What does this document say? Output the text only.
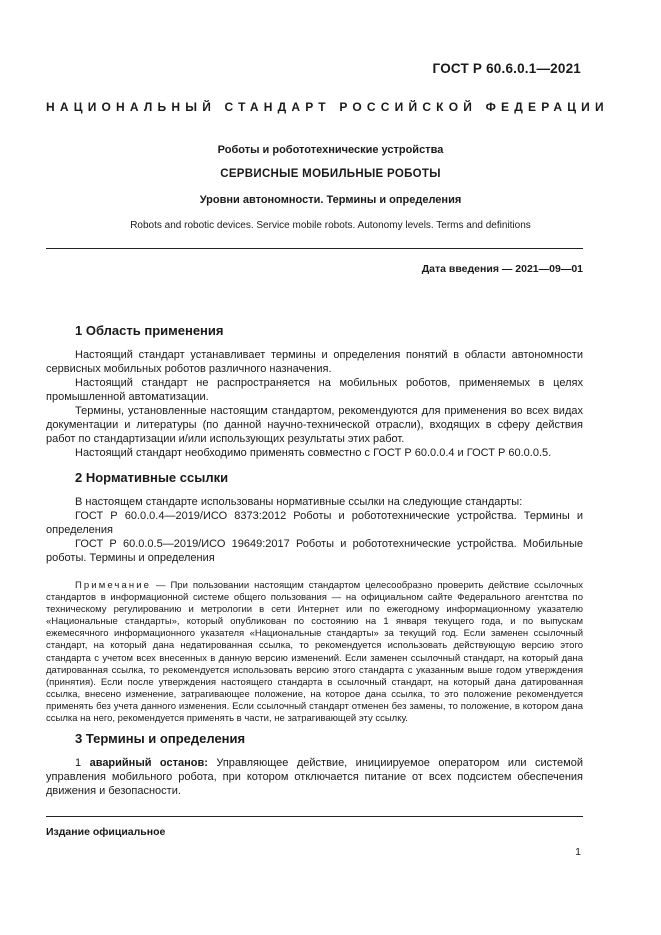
ГОСТ Р 60.6.0.1—2021
НАЦИОНАЛЬНЫЙ СТАНДАРТ РОССИЙСКОЙ ФЕДЕРАЦИИ
Роботы и робототехнические устройства
СЕРВИСНЫЕ МОБИЛЬНЫЕ РОБОТЫ
Уровни автономности. Термины и определения
Robots and robotic devices. Service mobile robots. Autonomy levels. Terms and definitions
Дата введения — 2021—09—01
1 Область применения

Настоящий стандарт устанавливает термины и определения понятий в области автономности сервисных мобильных роботов различного назначения.

Настоящий стандарт не распространяется на мобильных роботов, применяемых в целях промышленной автоматизации.

Термины, установленные настоящим стандартом, рекомендуются для применения во всех видах документации и литературы (по данной научно-технической отрасли), входящих в сферу действия работ по стандартизации и/или использующих результаты этих работ.

Настоящий стандарт необходимо применять совместно с ГОСТ Р 60.0.0.4 и ГОСТ Р 60.0.0.5.

2 Нормативные ссылки

В настоящем стандарте использованы нормативные ссылки на следующие стандарты:

ГОСТ Р 60.0.0.4—2019/ИСО 8373:2012 Роботы и робототехнические устройства. Термины и определения

ГОСТ Р 60.0.0.5—2019/ИСО 19649:2017 Роботы и робототехнические устройства. Мобильные роботы. Термины и определения

Примечание — При пользовании настоящим стандартом целесообразно проверить действие ссылочных стандартов в информационной системе общего пользования — на официальном сайте Федерального агентства по техническому регулированию и метрологии в сети Интернет или по ежегодному информационному указателю «Национальные стандарты», который опубликован по состоянию на 1 января текущего года, и по выпускам ежемесячного информационного указателя «Национальные стандарты» за текущий год. Если заменен ссылочный стандарт, на который дана недатированная ссылка, то рекомендуется использовать действующую версию этого стандарта с учетом всех внесенных в данную версию изменений. Если заменен ссылочный стандарт, на который дана датированная ссылка, то рекомендуется использовать версию этого стандарта с указанным выше годом утверждения (принятия). Если после утверждения настоящего стандарта в ссылочный стандарт, на который дана датированная ссылка, внесено изменение, затрагивающее положение, на которое дана ссылка, то это положение рекомендуется применять без учета данного изменения. Если ссылочный стандарт отменен без замены, то положение, в котором дана ссылка на него, рекомендуется применять в части, не затрагивающей эту ссылку.

3 Термины и определения

1 аварийный останов: Управляющее действие, инициируемое оператором или системой управления мобильного робота, при котором отключается питание от всех подсистем обеспечения движения и безопасности.

Издание официальное
1
